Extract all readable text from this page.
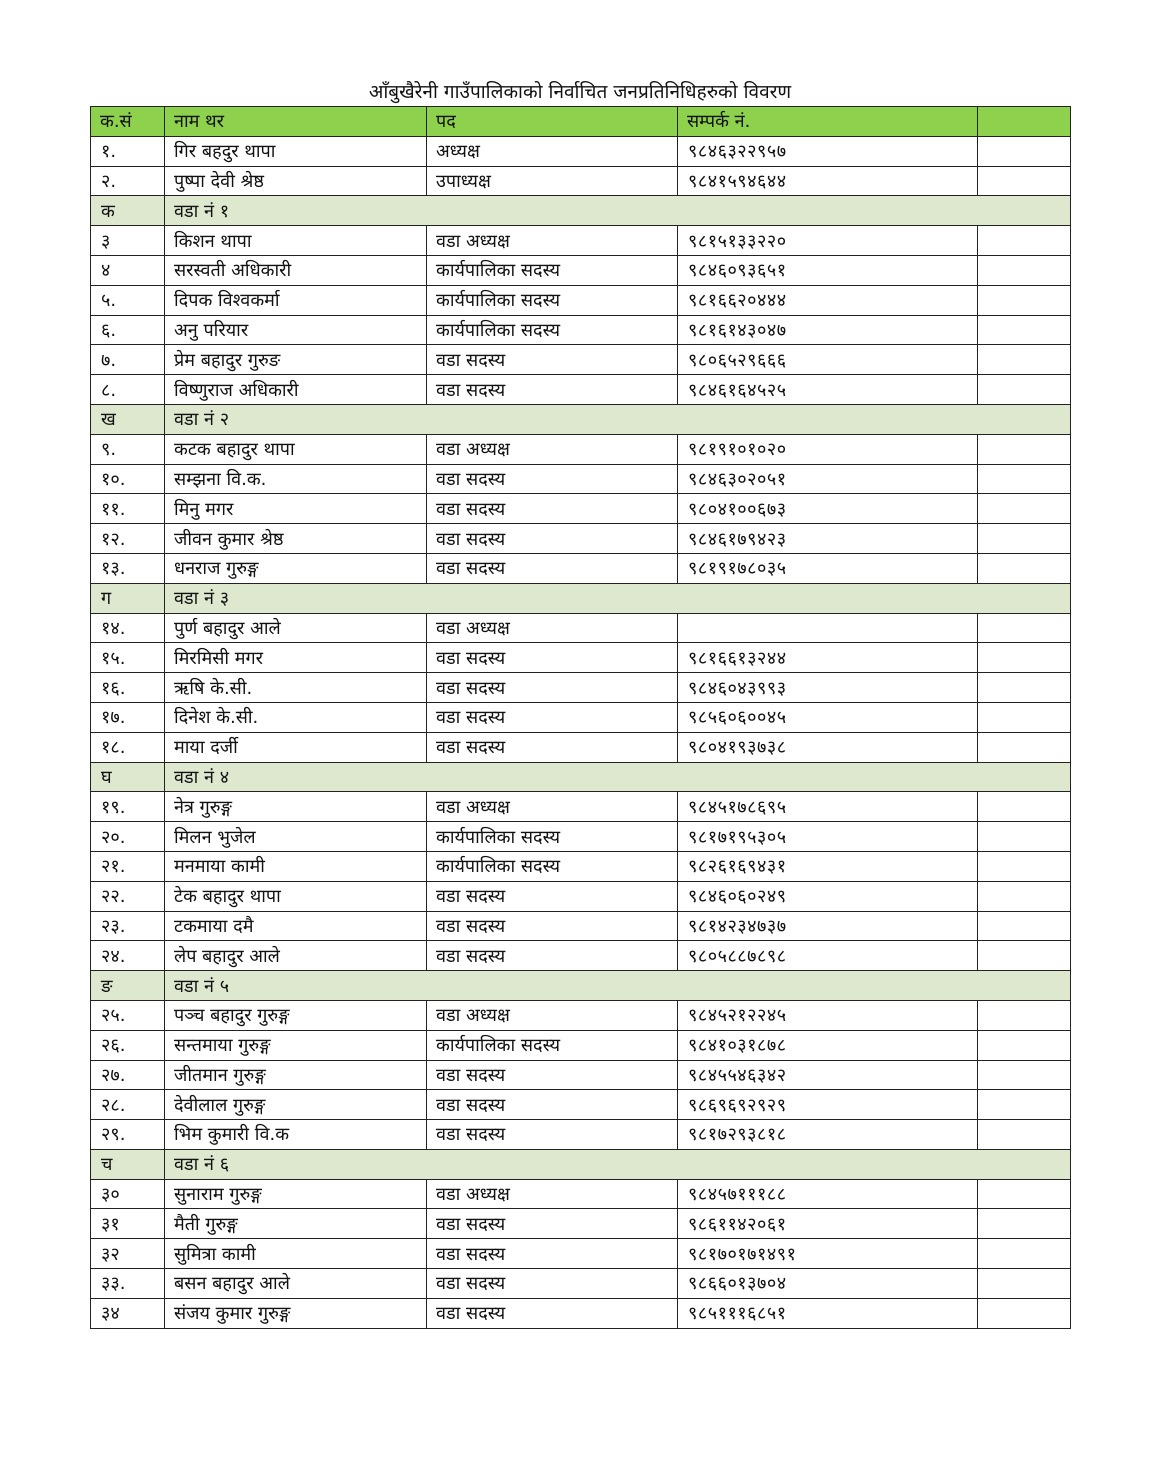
आँबुखैरेनी गाउँपालिकाको निर्वाचित जनप्रतिनिधिहरुको विवरण
क.सं	नाम थर	पद	सम्पर्क नं.	
१.	गिर बहदुर थापा	अध्यक्ष	९८४६३२२९५७	
२.	पुष्पा देवी श्रेष्ठ	उपाध्यक्ष	९८४१५९४६४४	
क	वडा नं १			
३	किशन थापा	वडा अध्यक्ष	९८१५१३३२२०	
४	सरस्वती अधिकारी	कार्यपालिका सदस्य	९८४६०९३६५१	
५.	दिपक विश्वकर्मा	कार्यपालिका सदस्य	९८१६६२०४४४	
६.	अनु परियार	कार्यपालिका सदस्य	९८१६१४३०४७	
७.	प्रेम बहादुर गुरुङ	वडा सदस्य	९८०६५२९६६६	
८.	विष्णुराज अधिकारी	वडा सदस्य	९८४६१६४५२५	
ख	वडा नं २			
९.	कटक बहादुर थापा	वडा अध्यक्ष	९८१९१०१०२०	
१०.	सम्झना वि.क.	वडा सदस्य	९८४६३०२०५१	
११.	मिनु मगर	वडा सदस्य	९८०४१००६७३	
१२.	जीवन कुमार श्रेष्ठ	वडा सदस्य	९८४६१७९४२३	
१३.	धनराज गुरुङ्ग	वडा सदस्य	९८१९१७८०३५	
ग	वडा नं ३			
१४.	पुर्ण बहादुर आले	वडा अध्यक्ष		
१५.	मिरमिसी मगर	वडा सदस्य	९८१६६१३२४४	
१६.	ऋषि के.सी.	वडा सदस्य	९८४६०४३९९३	
१७.	दिनेश के.सी.	वडा सदस्य	९८५६०६००४५	
१८.	माया दर्जी	वडा सदस्य	९८०४१९३७३८	
घ	वडा नं ४			
१९.	नेत्र गुरुङ्ग	वडा अध्यक्ष	९८४५१७८६९५	
२०.	मिलन भुजेल	कार्यपालिका सदस्य	९८१७१९५३०५	
२१.	मनमाया कामी	कार्यपालिका सदस्य	९८२६१६९४३१	
२२.	टेक बहादुर थापा	वडा सदस्य	९८४६०६०२४९	
२३.	टकमाया दमै	वडा सदस्य	९८१४२३४७३७	
२४.	लेप बहादुर आले	वडा सदस्य	९८०५८८७८९८	
ङ	वडा नं ५			
२५.	पञ्च बहादुर गुरुङ्ग	वडा अध्यक्ष	९८४५२१२२४५	
२६.	सन्तमाया गुरुङ्ग	कार्यपालिका सदस्य	९८४१०३१८७८	
२७.	जीतमान गुरुङ्ग	वडा सदस्य	९८४५५४६३४२	
२८.	देवीलाल गुरुङ्ग	वडा सदस्य	९८६९६९२९२९	
२९.	भिम कुमारी वि.क	वडा सदस्य	९८१७२९३८१८	
च	वडा नं ६			
३०	सुनाराम गुरुङ्ग	वडा अध्यक्ष	९८४५७१११८८	
३१	मैती गुरुङ्ग	वडा सदस्य	९८६११४२०६१	
३२	सुमित्रा कामी	वडा सदस्य	९८१७०१७१४९१	
३३.	बसन बहादुर आले	वडा सदस्य	९८६६०१३७०४	
३४	संजय कुमार गुरुङ्ग	वडा सदस्य	९८५१११६८५१	
